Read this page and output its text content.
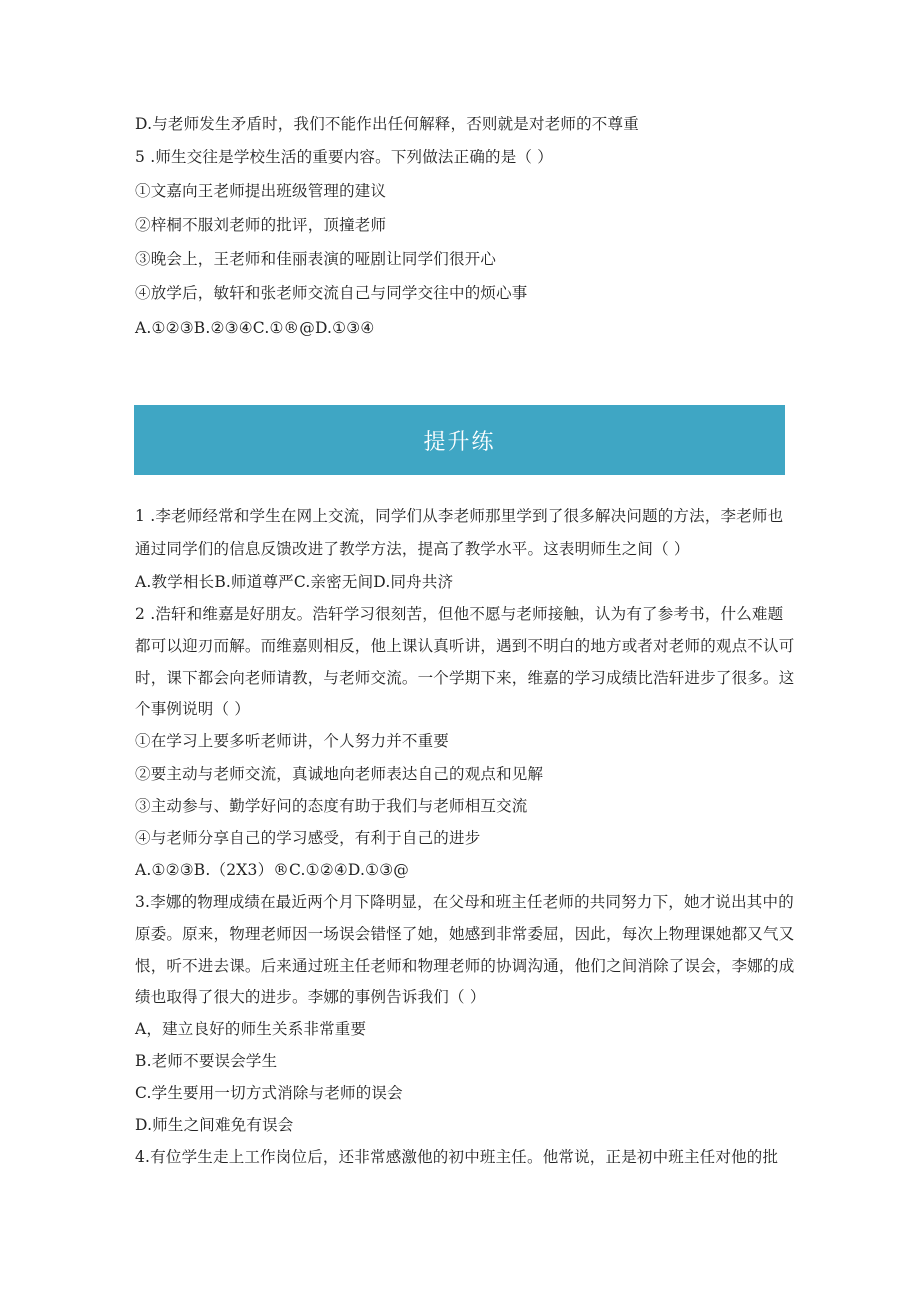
D.与老师发生矛盾时，我们不能作出任何解释，否则就是对老师的不尊重
5 .师生交往是学校生活的重要内容。下列做法正确的是（ ）
①文嘉向王老师提出班级管理的建议
②梓桐不服刘老师的批评，顶撞老师
③晚会上，王老师和佳丽表演的哑剧让同学们很开心
④放学后，敏轩和张老师交流自己与同学交往中的烦心事
A.①②③B.②③④C.①®@D.①③④
提升练
1 .李老师经常和学生在网上交流，同学们从李老师那里学到了很多解决问题的方法，李老师也
通过同学们的信息反馈改进了教学方法，提高了教学水平。这表明师生之间（ ）
A.教学相长B.师道尊严C.亲密无间D.同舟共济
2 .浩轩和维嘉是好朋友。浩轩学习很刻苦，但他不愿与老师接触，认为有了参考书，什么难题
都可以迎刃而解。而维嘉则相反，他上课认真听讲，遇到不明白的地方或者对老师的观点不认可
时，课下都会向老师请教，与老师交流。一个学期下来，维嘉的学习成绩比浩轩进步了很多。这
个事例说明（ ）
①在学习上要多听老师讲，个人努力并不重要
②要主动与老师交流，真诚地向老师表达自己的观点和见解
③主动参与、勤学好问的态度有助于我们与老师相互交流
④与老师分享自己的学习感受，有利于自己的进步
A.①②③B.（2X3）®C.①②④D.①③@
3.李娜的物理成绩在最近两个月下降明显，在父母和班主任老师的共同努力下，她才说出其中的
原委。原来，物理老师因一场误会错怪了她，她感到非常委屈，因此，每次上物理课她都又气又
恨，听不进去课。后来通过班主任老师和物理老师的协调沟通，他们之间消除了误会，李娜的成
绩也取得了很大的进步。李娜的事例告诉我们（ ）
A，建立良好的师生关系非常重要
B.老师不要误会学生
C.学生要用一切方式消除与老师的误会
D.师生之间难免有误会
4.有位学生走上工作岗位后，还非常感激他的初中班主任。他常说，正是初中班主任对他的批
